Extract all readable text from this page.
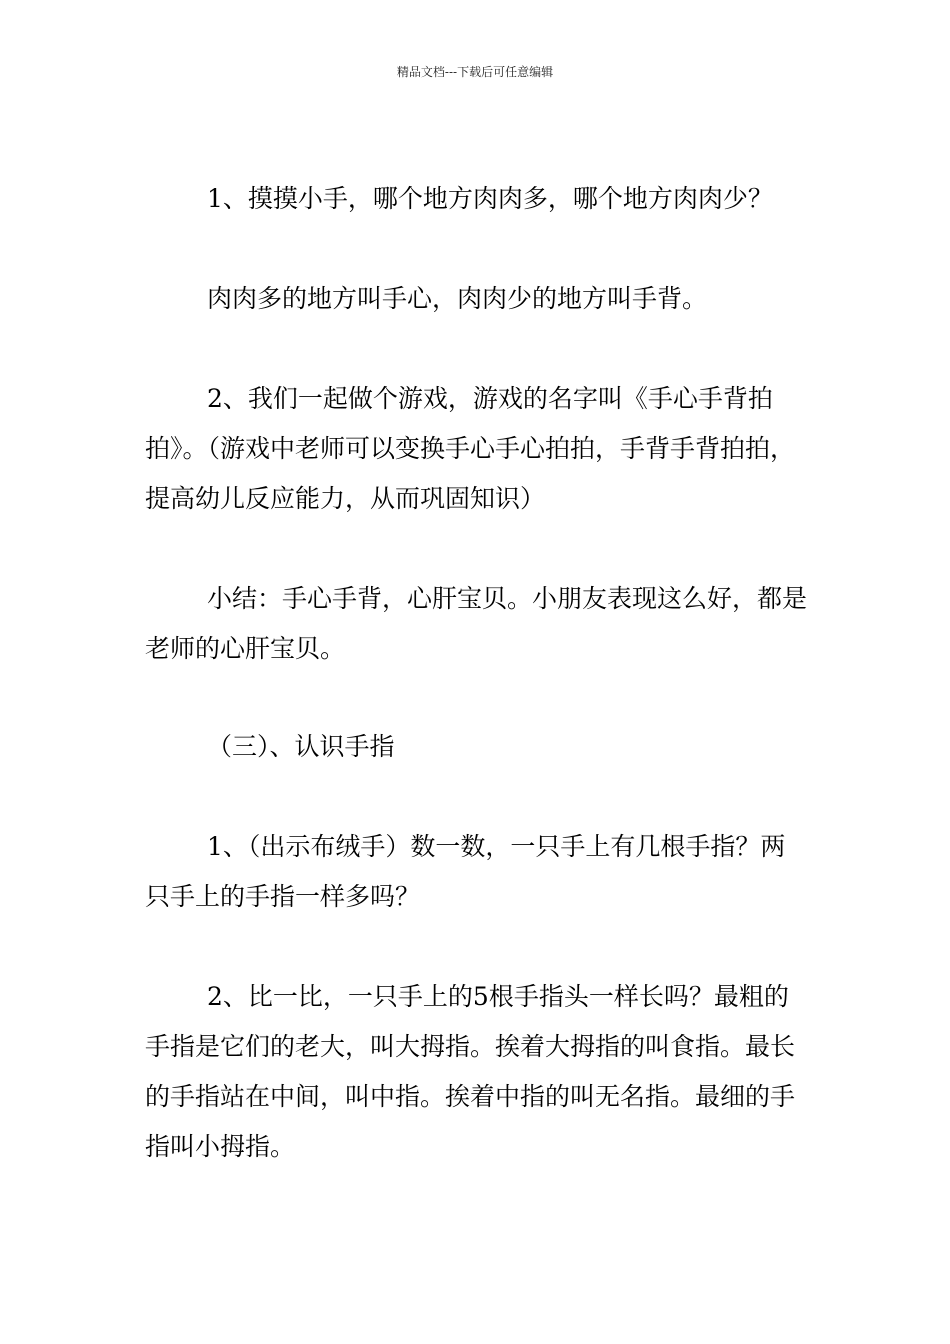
精品文档---下载后可任意编辑

1、摸摸小手，哪个地方肉肉多，哪个地方肉肉少？

肉肉多的地方叫手心，肉肉少的地方叫手背。

2、我们一起做个游戏，游戏的名字叫《手心手背拍拍》。（游戏中老师可以变换手心手心拍拍，手背手背拍拍，提高幼儿反应能力，从而巩固知识）

小结：手心手背，心肝宝贝。小朋友表现这么好，都是老师的心肝宝贝。

（三）、认识手指

1、（出示布绒手）数一数，一只手上有几根手指？两只手上的手指一样多吗？

2、比一比，一只手上的5根手指头一样长吗？最粗的手指是它们的老大，叫大拇指。挨着大拇指的叫食指。最长的手指站在中间，叫中指。挨着中指的叫无名指。最细的手指叫小拇指。
